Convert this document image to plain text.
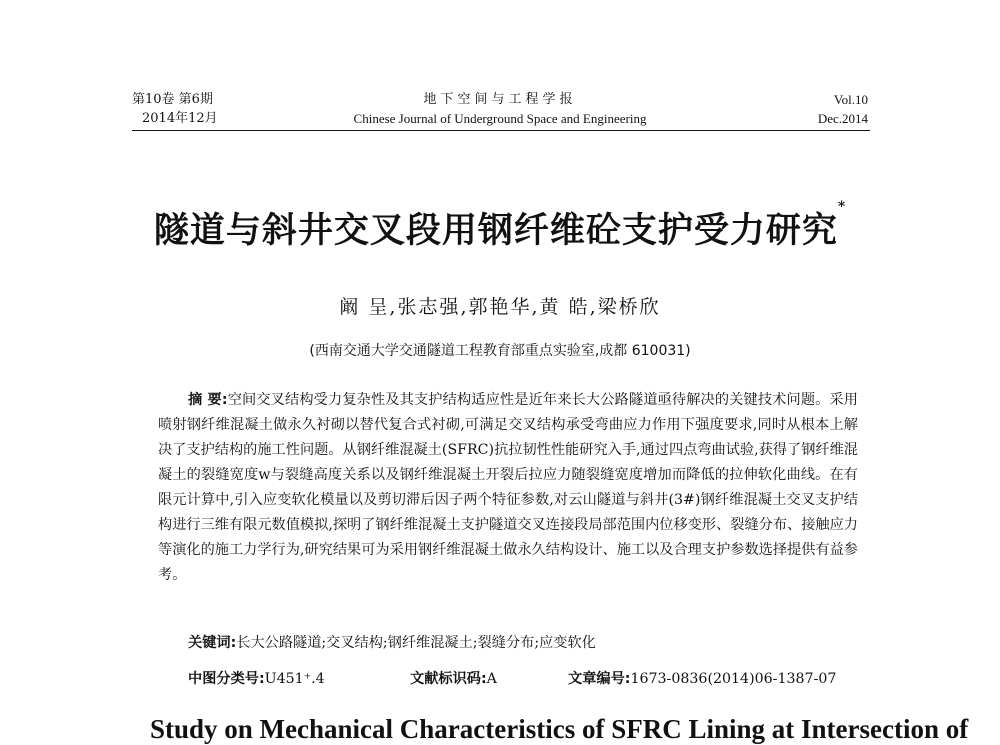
第10卷 第6期
2014年12月
地下空间与工程学报
Chinese Journal of Underground Space and Engineering
Vol.10
Dec.2014
隧道与斜井交叉段用钢纤维砼支护受力研究*
阚 呈,张志强,郭艳华,黄 皓,梁桥欣
(西南交通大学交通隧道工程教育部重点实验室,成都 610031)
摘 要:空间交叉结构受力复杂性及其支护结构适应性是近年来长大公路隧道亟待解决的关键技术问题。采用喷射钢纤维混凝土做永久衬砌以替代复合式衬砌,可满足交叉结构承受弯曲应力作用下强度要求,同时从根本上解决了支护结构的施工性问题。从钢纤维混凝土(SFRC)抗拉韧性性能研究入手,通过四点弯曲试验,获得了钢纤维混凝土的裂缝宽度w与裂缝高度关系以及钢纤维混凝土开裂后拉应力随裂缝宽度增加而降低的拉伸软化曲线。在有限元计算中,引入应变软化模量以及剪切滞后因子两个特征参数,对云山隧道与斜井(3#)钢纤维混凝土交叉支护结构进行三维有限元数值模拟,探明了钢纤维混凝土支护隧道交叉连接段局部范围内位移变形、裂缝分布、接触应力等演化的施工力学行为,研究结果可为采用钢纤维混凝土做永久结构设计、施工以及合理支护参数选择提供有益参考。
关键词:长大公路隧道;交叉结构;钢纤维混凝土;裂缝分布;应变软化
中图分类号:U451⁺.4	文献标识码:A	文章编号:1673-0836(2014)06-1387-07
Study on Mechanical Characteristics of SFRC Lining at Intersection of
